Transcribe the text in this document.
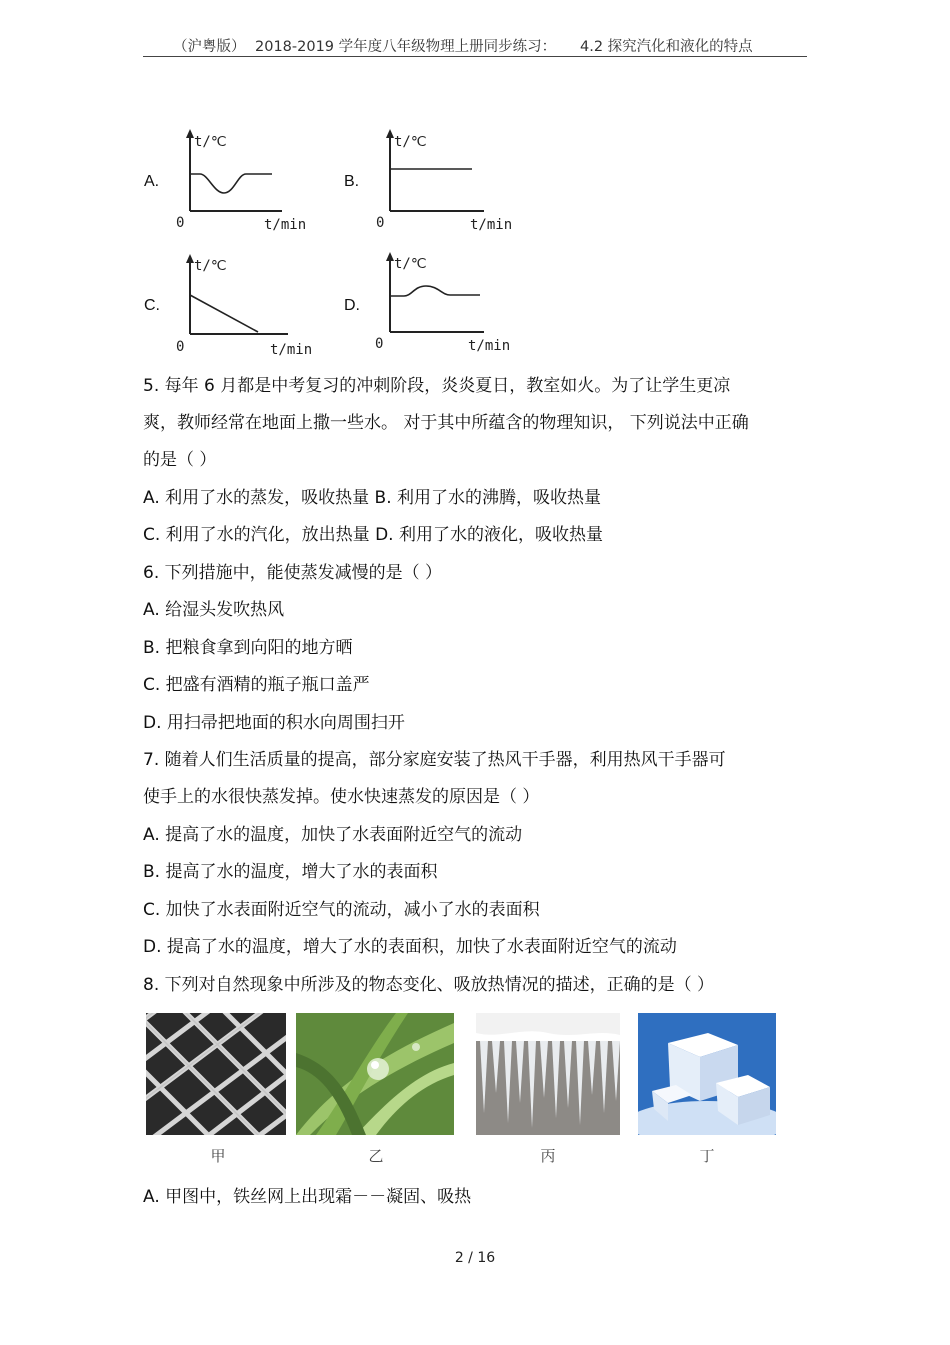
（沪粤版） 2018-2019 学年度八年级物理上册同步练习： 4.2 探究汽化和液化的特点
A.
t/℃
0	t/min
B.
t/℃
0	t/min
C.
t/℃
0	t/min
D.
t/℃
0	t/min
5. 每年 6 月都是中考复习的冲刺阶段，炎炎夏日，教室如火。为了让学生更凉
爽，教师经常在地面上撒一些水。 对于其中所蕴含的物理知识， 下列说法中正确
的是（ ）
A. 利用了水的蒸发，吸收热量 B. 利用了水的沸腾，吸收热量
C. 利用了水的汽化，放出热量 D. 利用了水的液化，吸收热量
6. 下列措施中，能使蒸发减慢的是（ ）
A. 给湿头发吹热风
B. 把粮食拿到向阳的地方晒
C. 把盛有酒精的瓶子瓶口盖严
D. 用扫帚把地面的积水向周围扫开
7. 随着人们生活质量的提高，部分家庭安装了热风干手器，利用热风干手器可
使手上的水很快蒸发掉。使水快速蒸发的原因是（ ）
A. 提高了水的温度，加快了水表面附近空气的流动
B. 提高了水的温度，增大了水的表面积
C. 加快了水表面附近空气的流动，减小了水的表面积
D. 提高了水的温度，增大了水的表面积，加快了水表面附近空气的流动
8. 下列对自然现象中所涉及的物态变化、吸放热情况的描述，正确的是（ ）
甲	乙	丙	丁
A. 甲图中，铁丝网上出现霜－－凝固、吸热
2 / 16
